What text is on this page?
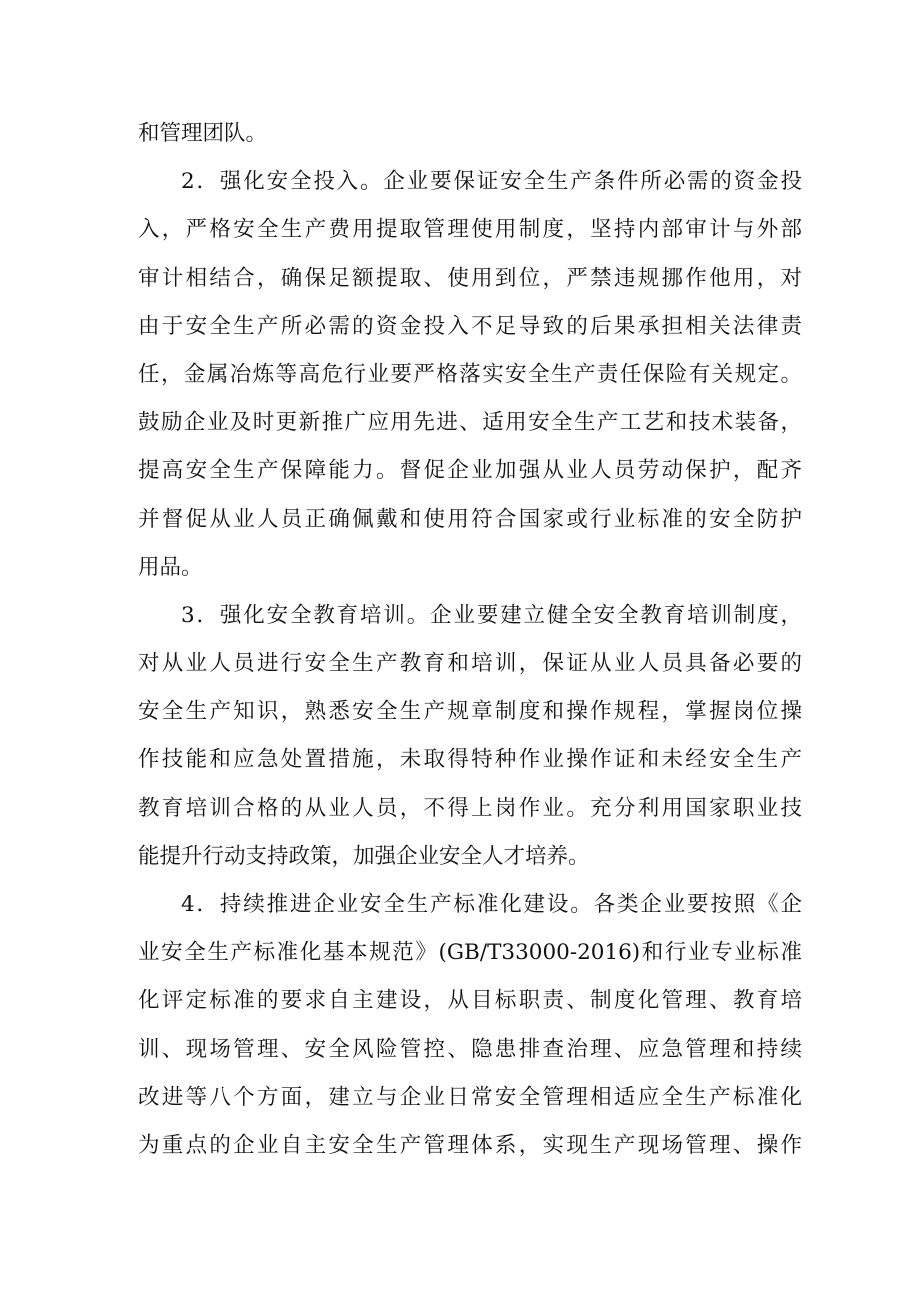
和管理团队。
2．强化安全投入。企业要保证安全生产条件所必需的资金投
入，严格安全生产费用提取管理使用制度，坚持内部审计与外部
审计相结合，确保足额提取、使用到位，严禁违规挪作他用，对
由于安全生产所必需的资金投入不足导致的后果承担相关法律责
任，金属冶炼等高危行业要严格落实安全生产责任保险有关规定。
鼓励企业及时更新推广应用先进、适用安全生产工艺和技术装备，
提高安全生产保障能力。督促企业加强从业人员劳动保护，配齐
并督促从业人员正确佩戴和使用符合国家或行业标准的安全防护
用品。
3．强化安全教育培训。企业要建立健全安全教育培训制度，
对从业人员进行安全生产教育和培训，保证从业人员具备必要的
安全生产知识，熟悉安全生产规章制度和操作规程，掌握岗位操
作技能和应急处置措施，未取得特种作业操作证和未经安全生产
教育培训合格的从业人员，不得上岗作业。充分利用国家职业技
能提升行动支持政策，加强企业安全人才培养。
4．持续推进企业安全生产标准化建设。各类企业要按照《企
业安全生产标准化基本规范》(GB/T33000-2016)和行业专业标准
化评定标准的要求自主建设，从目标职责、制度化管理、教育培
训、现场管理、安全风险管控、隐患排查治理、应急管理和持续
改进等八个方面，建立与企业日常安全管理相适应全生产标准化
为重点的企业自主安全生产管理体系，实现生产现场管理、操作
